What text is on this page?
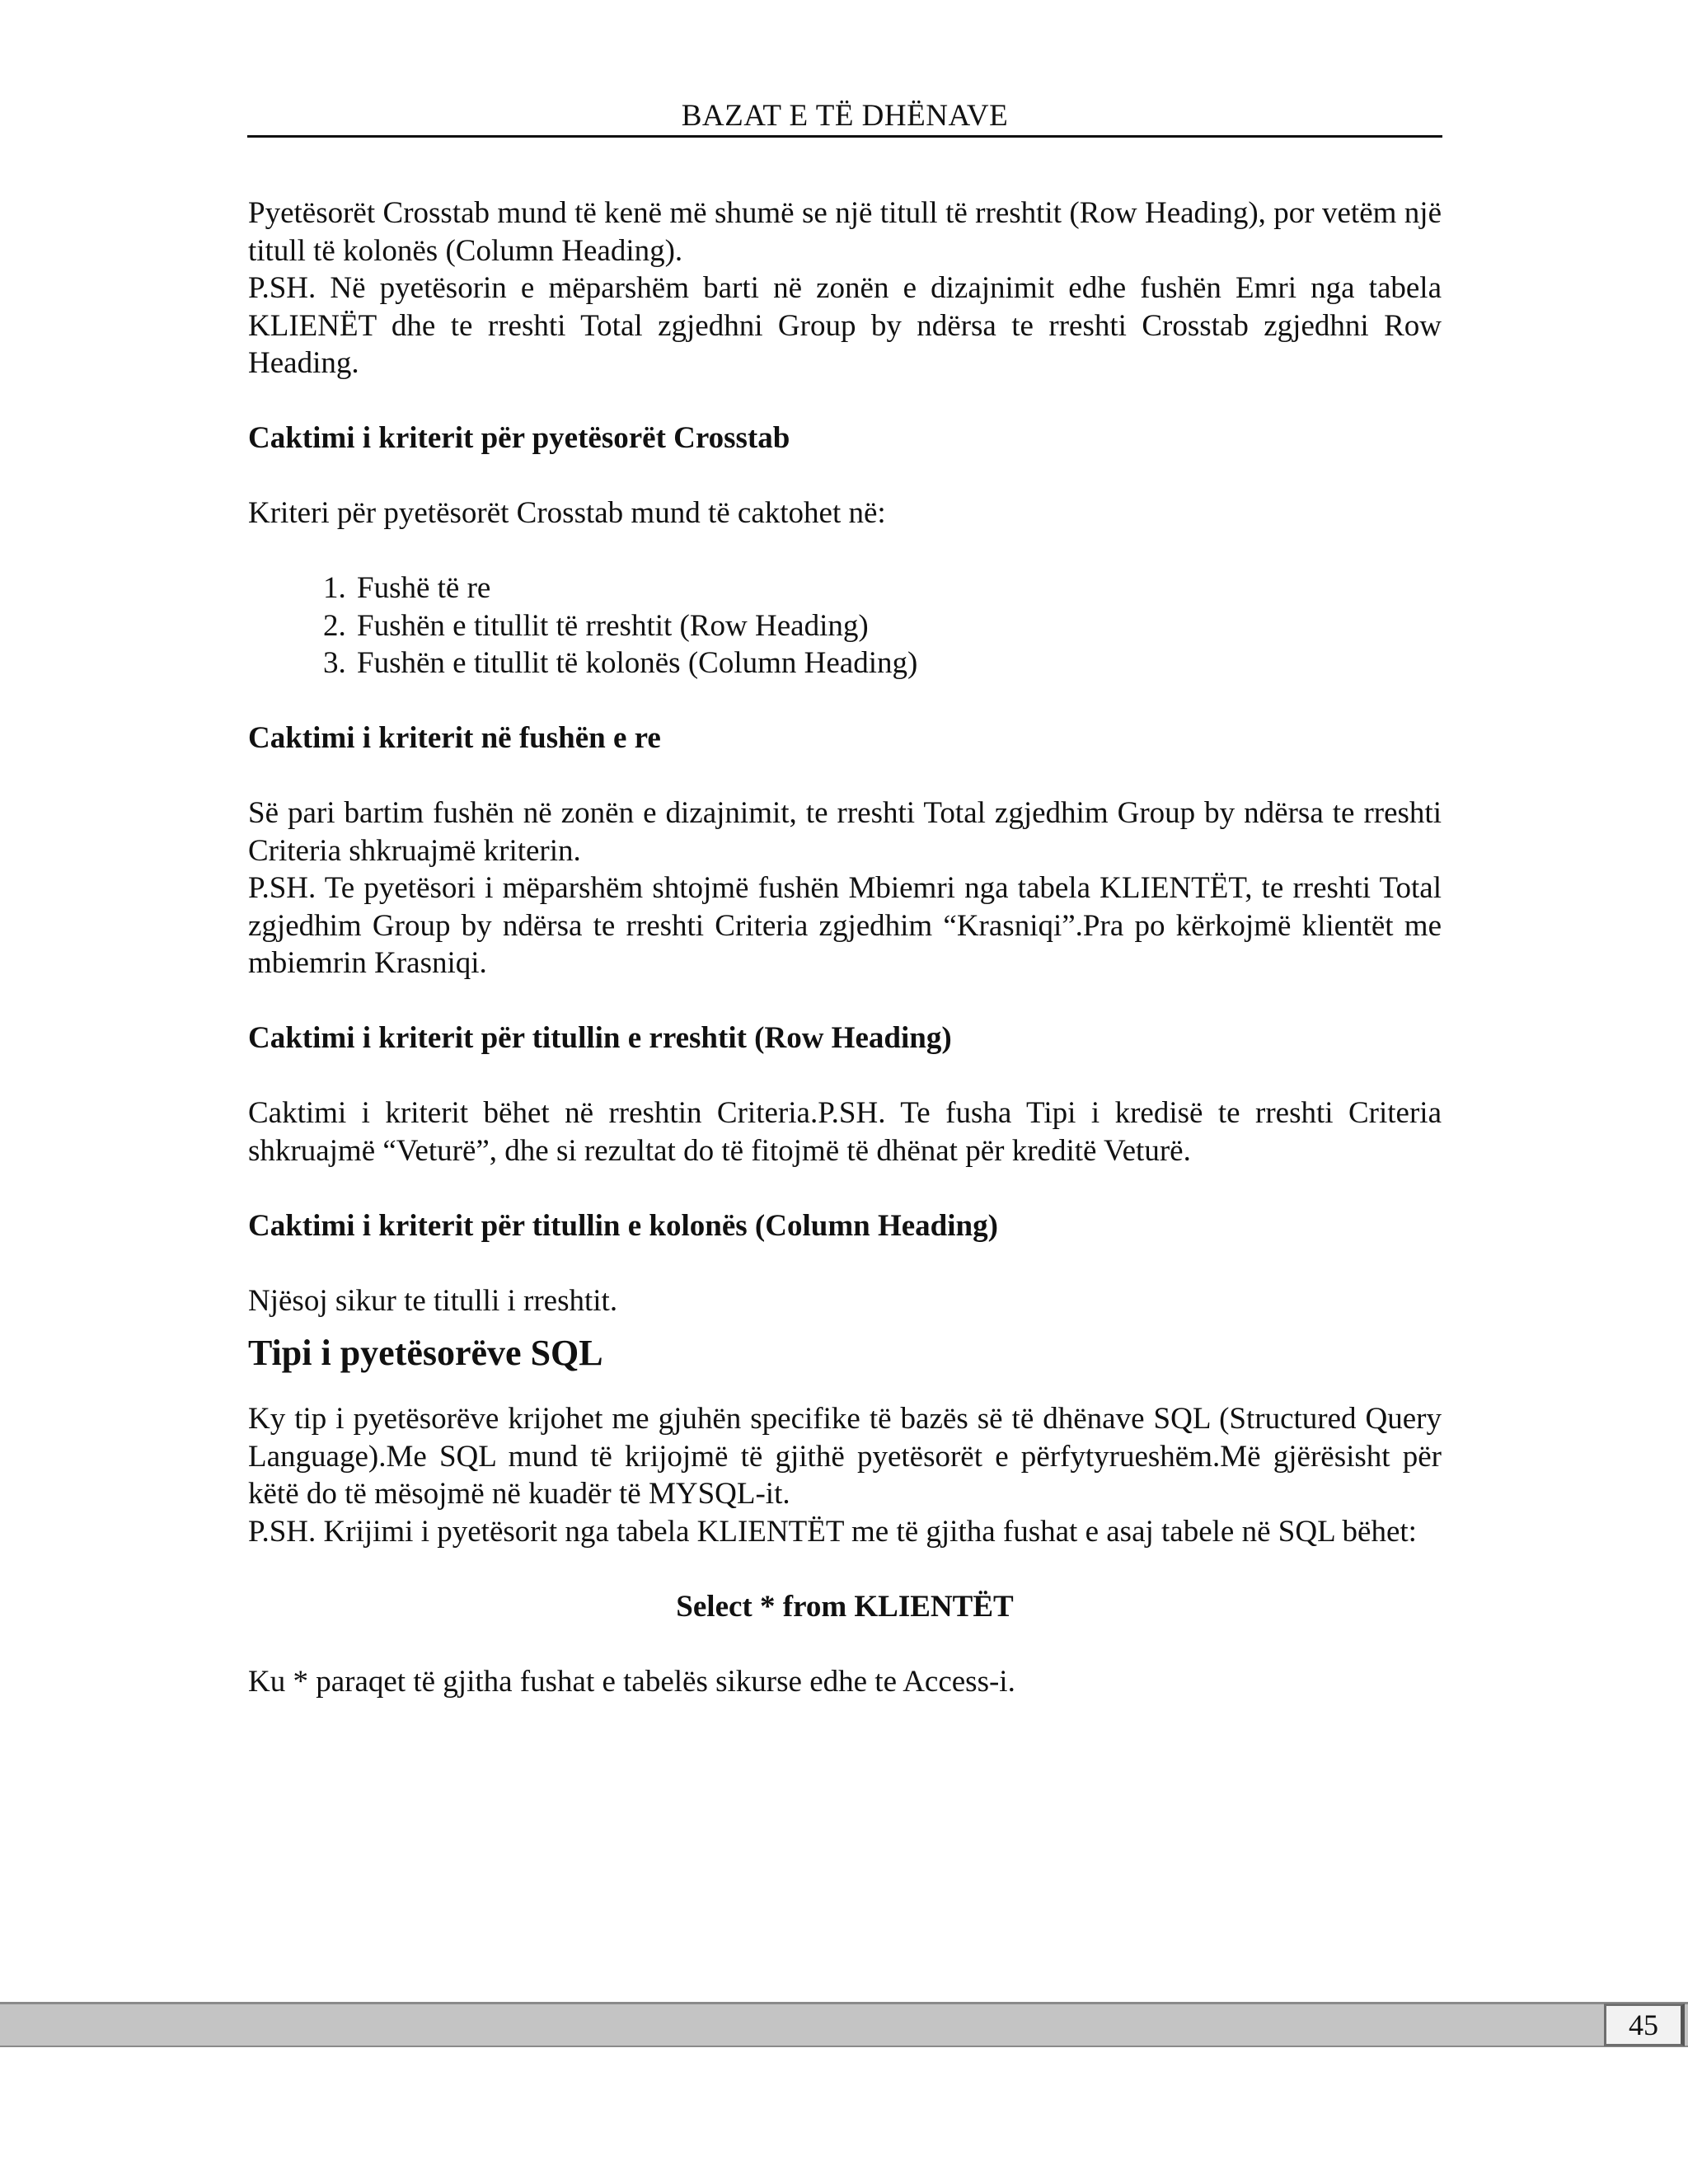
BAZAT E TË DHËNAVE

Pyetësorët Crosstab mund të kenë më shumë se një titull të rreshtit (Row Heading), por vetëm një titull të kolonës (Column Heading).

P.SH. Në pyetësorin e mëparshëm barti në zonën e dizajnimit edhe fushën Emri nga tabela KLIENËT dhe te rreshti Total zgjedhni Group by ndërsa te rreshti Crosstab zgjedhni Row Heading.

Caktimi i kriterit për pyetësorët Crosstab

Kriteri për pyetësorët Crosstab mund të caktohet në:

1. Fushë të re
2. Fushën e titullit të rreshtit (Row Heading)
3. Fushën e titullit të kolonës (Column Heading)

Caktimi i kriterit në fushën e re

Së pari bartim fushën në zonën e dizajnimit, te rreshti Total zgjedhim Group by ndërsa te rreshti Criteria shkruajmë kriterin.

P.SH. Te pyetësori i mëparshëm shtojmë fushën Mbiemri nga tabela KLIENTËT, te rreshti Total zgjedhim Group by ndërsa te rreshti Criteria zgjedhim “Krasniqi”.Pra po kërkojmë klientët me mbiemrin Krasniqi.

Caktimi i kriterit për titullin e rreshtit (Row Heading)

Caktimi i kriterit bëhet në rreshtin Criteria.P.SH. Te fusha Tipi i kredisë te rreshti Criteria shkruajmë “Veturë”, dhe si rezultat do të fitojmë të dhënat për kreditë Veturë.

Caktimi i kriterit për titullin e kolonës (Column Heading)

Njësoj sikur te titulli i rreshtit.

Tipi i pyetësorëve SQL

Ky tip i pyetësorëve krijohet me gjuhën specifike të bazës së të dhënave SQL (Structured Query Language).Me SQL mund të krijojmë të gjithë pyetësorët e përfytyrueshëm.Më gjërësisht për këtë do të mësojmë në kuadër të MYSQL-it.

P.SH. Krijimi i pyetësorit nga tabela KLIENTËT me të gjitha fushat e asaj tabele në SQL bëhet:

Select * from KLIENTËT

Ku * paraqet të gjitha fushat e tabelës sikurse edhe te Access-i.

45
